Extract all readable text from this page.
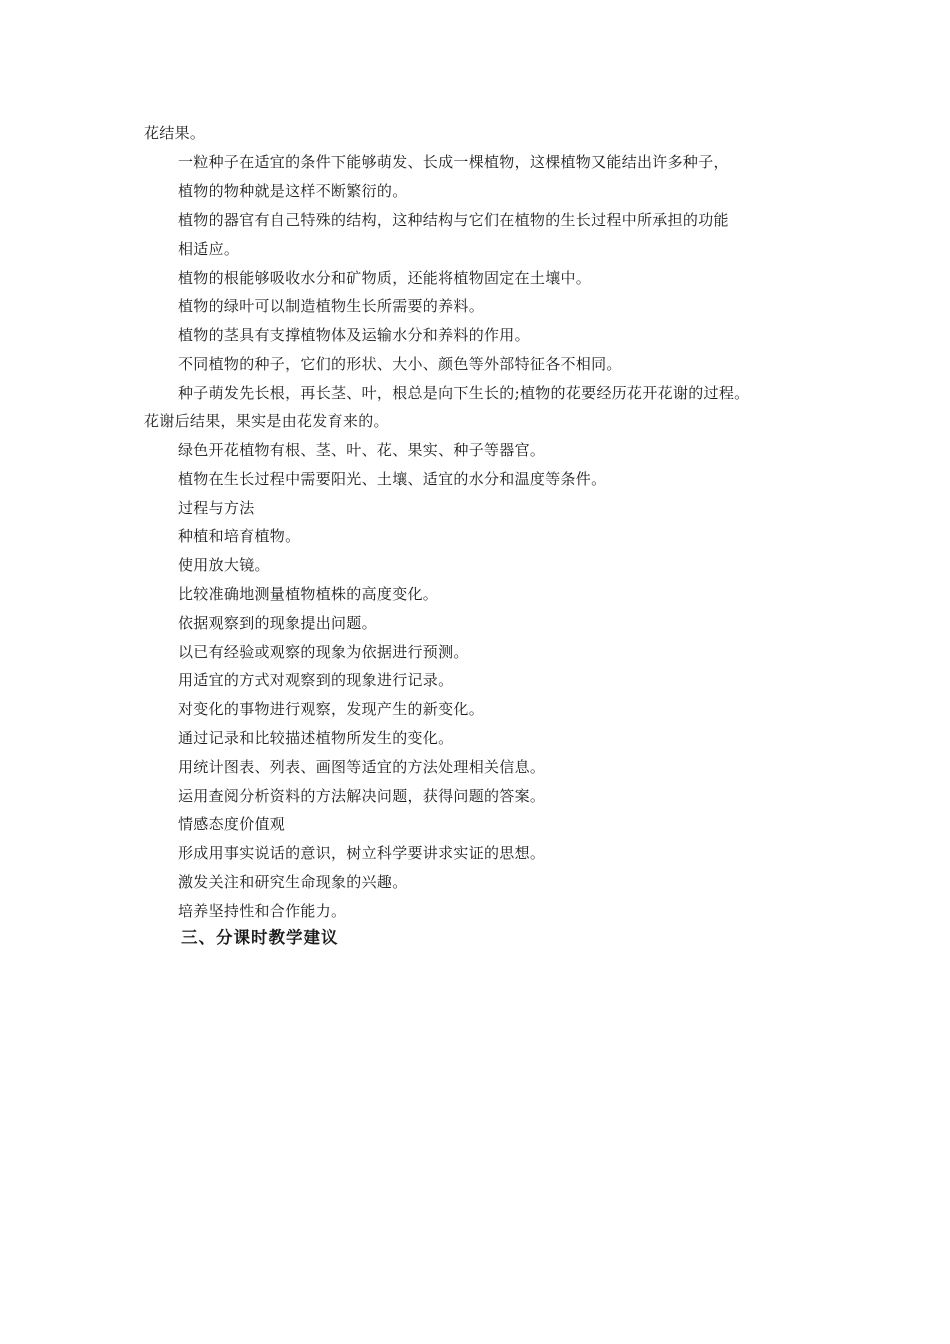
花结果。
一粒种子在适宜的条件下能够萌发、长成一棵植物，这棵植物又能结出许多种子，
植物的物种就是这样不断繁衍的。
植物的器官有自己特殊的结构，这种结构与它们在植物的生长过程中所承担的功能
相适应。
植物的根能够吸收水分和矿物质，还能将植物固定在土壤中。
植物的绿叶可以制造植物生长所需要的养料。
植物的茎具有支撑植物体及运输水分和养料的作用。
不同植物的种子，它们的形状、大小、颜色等外部特征各不相同。
种子萌发先长根，再长茎、叶，根总是向下生长的;植物的花要经历花开花谢的过程。
花谢后结果，果实是由花发育来的。
绿色开花植物有根、茎、叶、花、果实、种子等器官。
植物在生长过程中需要阳光、土壤、适宜的水分和温度等条件。
过程与方法
种植和培育植物。
使用放大镜。
比较准确地测量植物植株的高度变化。
依据观察到的现象提出问题。
以已有经验或观察的现象为依据进行预测。
用适宜的方式对观察到的现象进行记录。
对变化的事物进行观察，发现产生的新变化。
通过记录和比较描述植物所发生的变化。
用统计图表、列表、画图等适宜的方法处理相关信息。
运用查阅分析资料的方法解决问题，获得问题的答案。
情感态度价值观
形成用事实说话的意识，树立科学要讲求实证的思想。
激发关注和研究生命现象的兴趣。
培养坚持性和合作能力。
三、分课时教学建议
